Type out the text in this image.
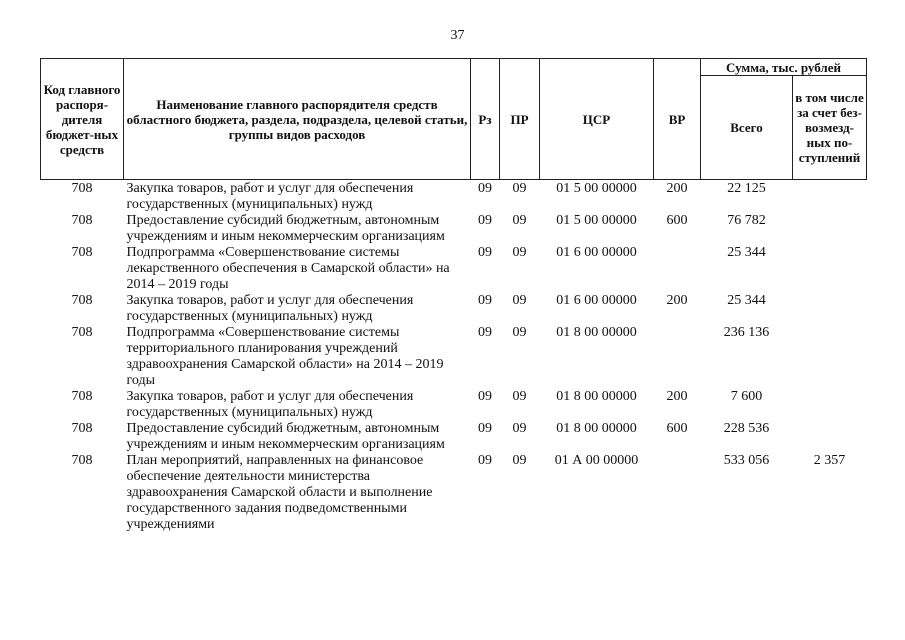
37
Код главного распоря-дителя бюджет-ных средств	Наименование главного распорядителя средств областного бюджета, раздела, подраздела, целевой статьи, группы видов расходов	Рз	ПР	ЦСР	ВР	Сумма, тыс. рублей	
						Всего	в том числе за счет без-возмезд-ных по-ступлений
708	Закупка товаров, работ и услуг для обеспечения государственных (муниципальных) нужд	09	09	01 5 00 00000	200	22 125	
708	Предоставление субсидий бюджетным, автономным учреждениям и иным некоммерческим организациям	09	09	01 5 00 00000	600	76 782	
708	Подпрограмма «Совершенствование системы лекарственного обеспечения в Самарской области» на 2014 – 2019 годы	09	09	01 6 00 00000		25 344	
708	Закупка товаров, работ и услуг для обеспечения государственных (муниципальных) нужд	09	09	01 6 00 00000	200	25 344	
708	Подпрограмма «Совершенствование системы территориального планирования учреждений здравоохранения Самарской области» на 2014 – 2019 годы	09	09	01 8 00 00000		236 136	
708	Закупка товаров, работ и услуг для обеспечения государственных (муниципальных) нужд	09	09	01 8 00 00000	200	7 600	
708	Предоставление субсидий бюджетным, автономным учреждениям и иным некоммерческим организациям	09	09	01 8 00 00000	600	228 536	
708	План мероприятий, направленных на финансовое обеспечение деятельности министерства здравоохранения Самарской области и выполнение государственного задания подведомственными учреждениями	09	09	01 А 00 00000		533 056	2 357
